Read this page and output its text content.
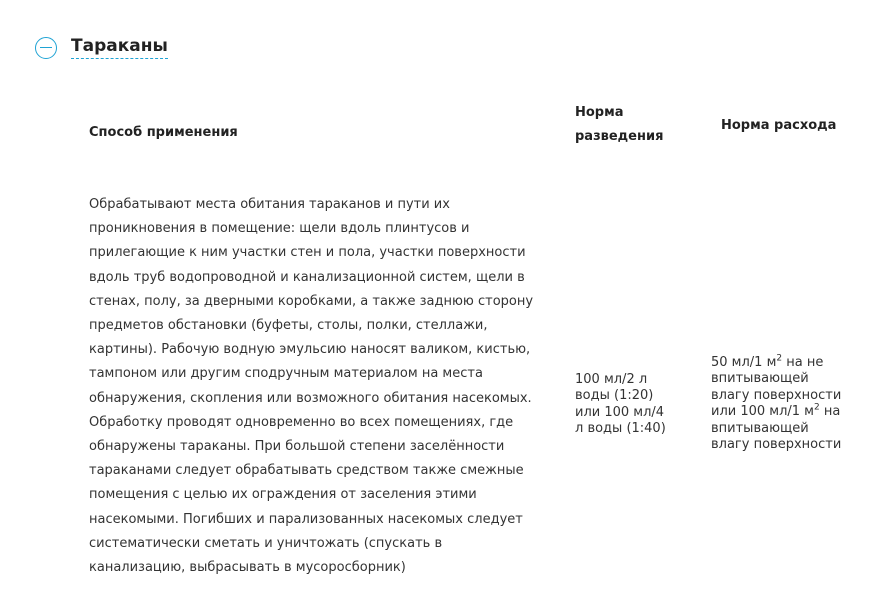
Тараканы
Способ применения
Норма разведения
Норма расхода
Обрабатывают места обитания тараканов и пути их проникновения в помещение: щели вдоль плинтусов и прилегающие к ним участки стен и пола, участки поверхности вдоль труб водопроводной и канализационной систем, щели в стенах, полу, за дверными коробками, а также заднюю сторону предметов обстановки (буфеты, столы, полки, стеллажи, картины). Рабочую водную эмульсию наносят валиком, кистью, тампоном или другим сподручным материалом на места обнаружения, скопления или возможного обитания насекомых. Обработку проводят одновременно во всех помещениях, где обнаружены тараканы. При большой степени заселённости тараканами следует обрабатывать средством также смежные помещения с целью их ограждения от заселения этими насекомыми. Погибших и парализованных насекомых следует систематически сметать и уничтожать (спускать в канализацию, выбрасывать в мусоросборник)
100 мл/2 л воды (1:20) или 100 мл/4 л воды (1:40)
50 мл/1 $м^2$ на не впитывающей влагу поверхности или 100 мл/1 $м^2$ на впитывающей влагу поверхности
